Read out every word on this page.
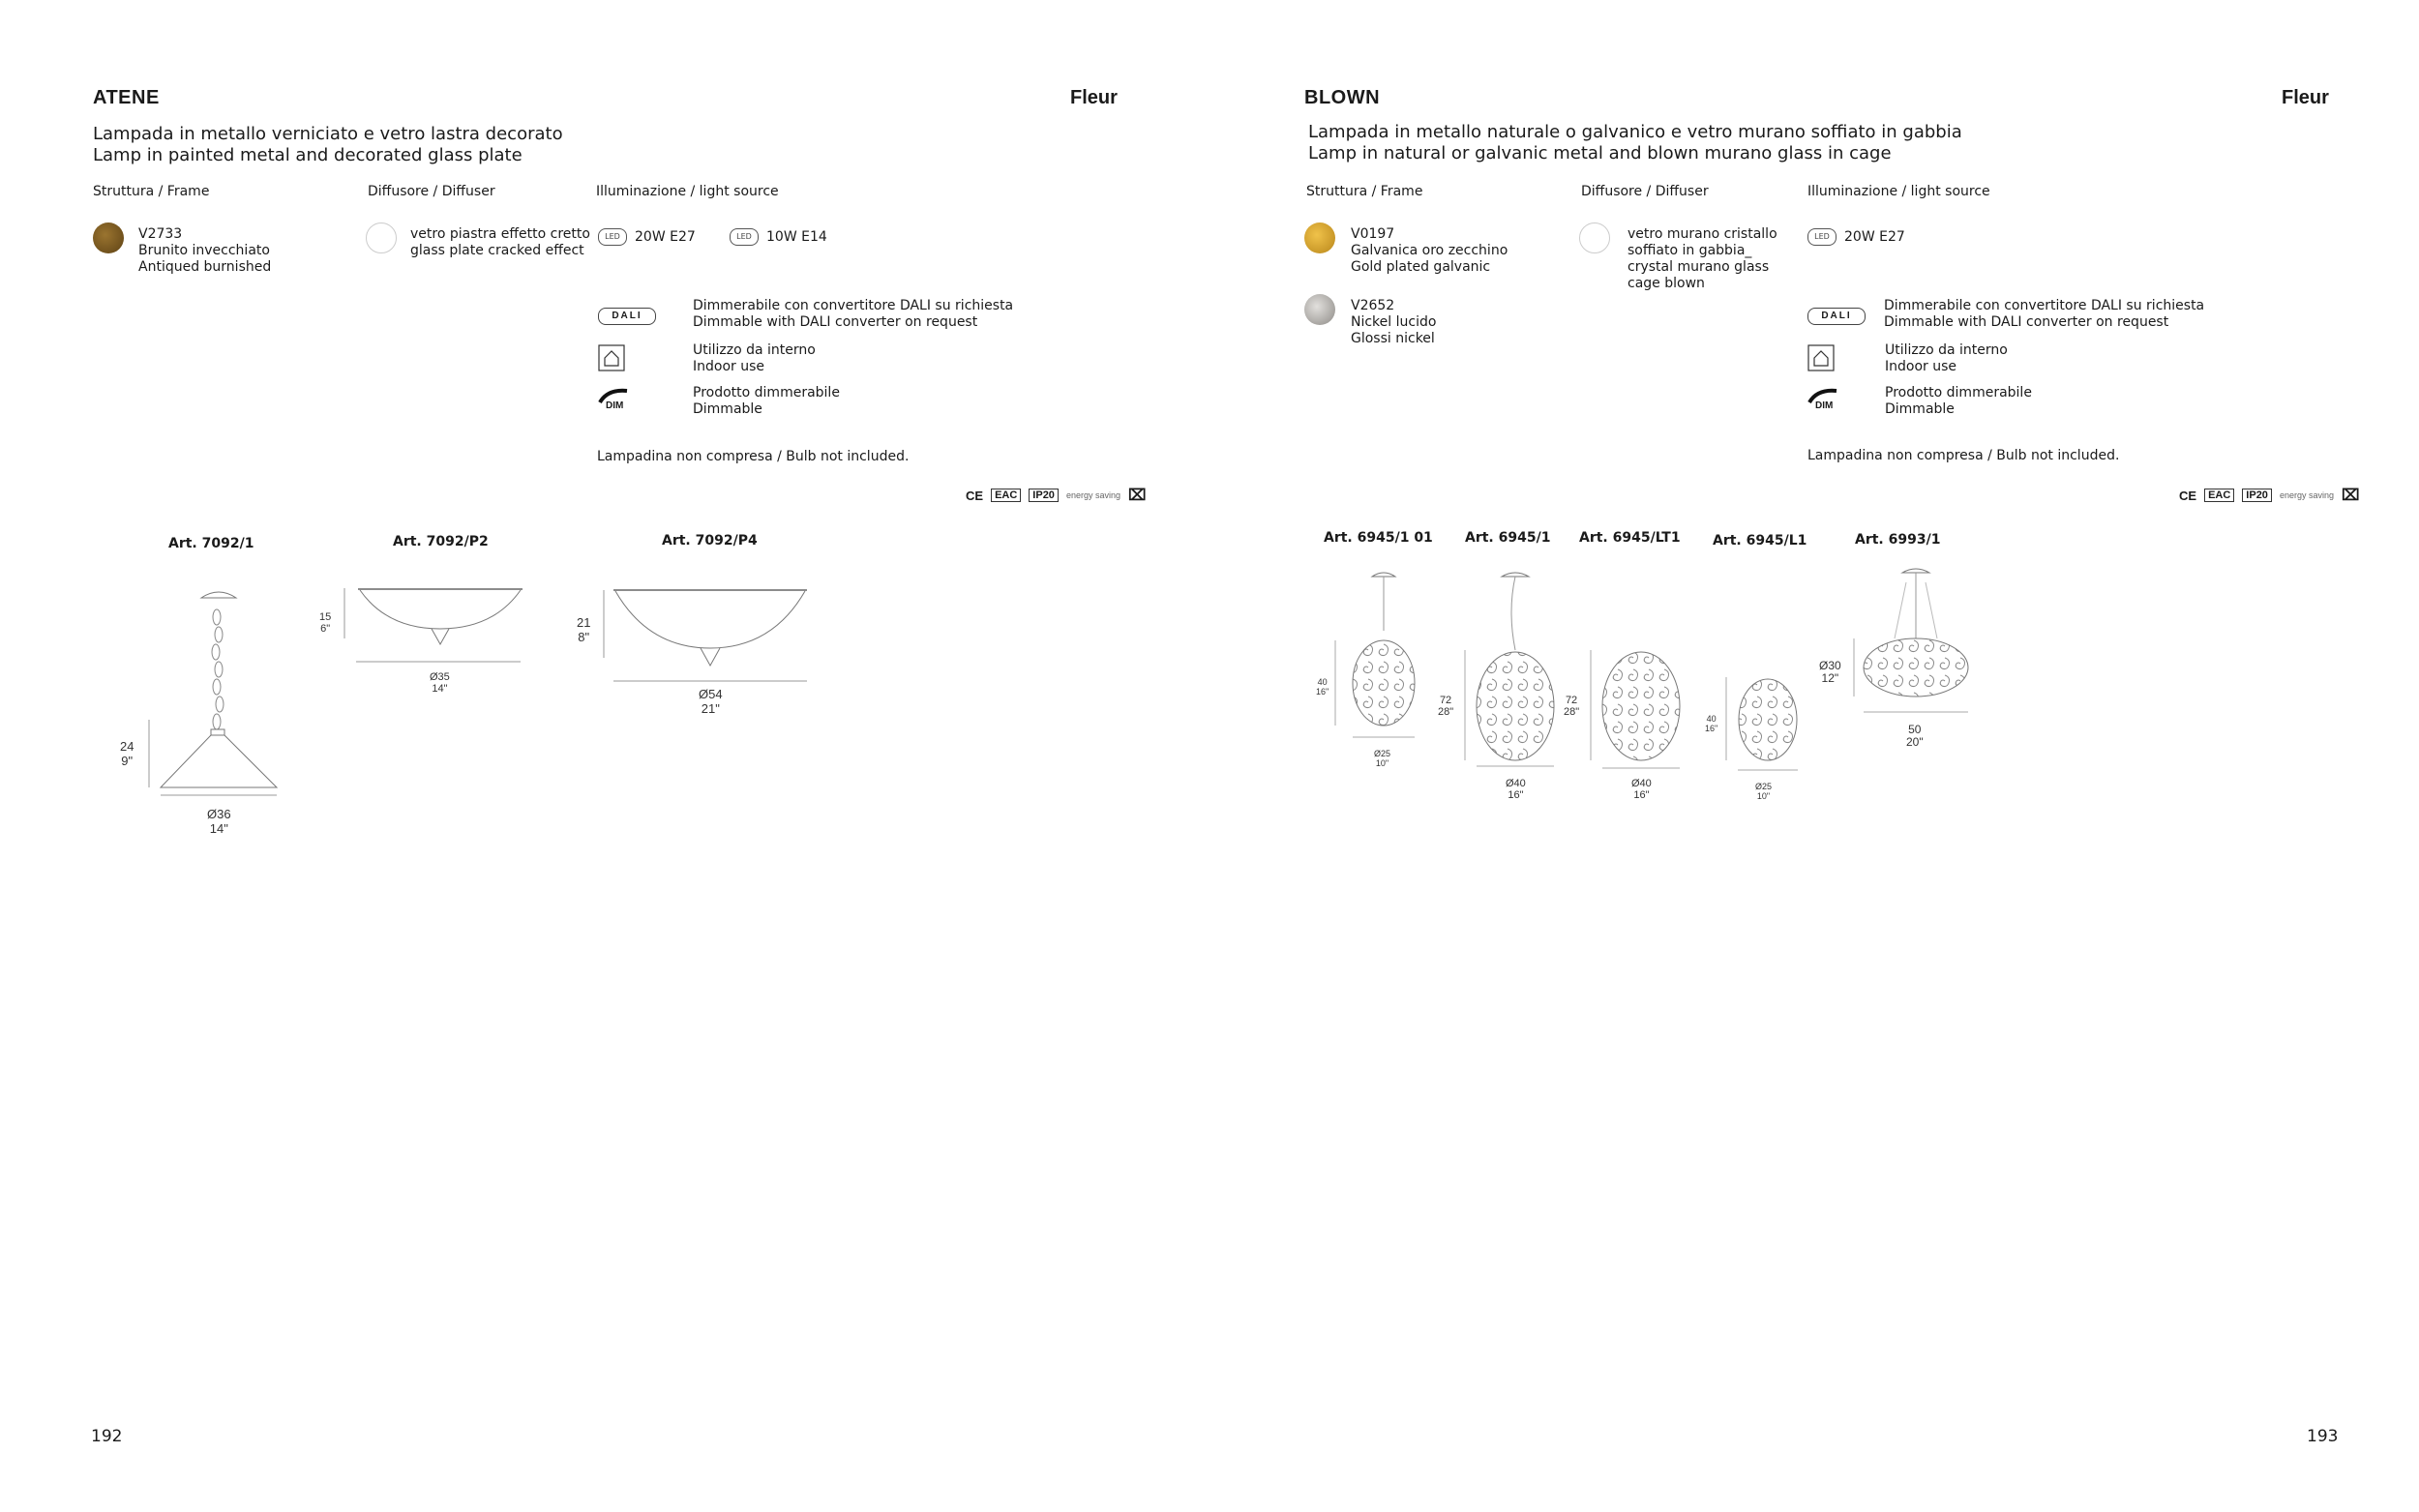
ATENE	Fleur
Lampada in metallo verniciato e vetro lastra decorato
Lamp in painted metal and decorated glass plate
Struttura / Frame	Diffusore / Diffuser	Illuminazione / light source
V2733
Brunito invecchiato
Antiqued burnished
vetro piastra effetto cretto
glass plate cracked effect
LED	20W E27	LED	10W E14
DALI
Dimmerabile con convertitore DALI su richiesta
Dimmable with DALI converter on request
Utilizzo da interno
Indoor use
DIM
Prodotto dimmerabile
Dimmable
Lampadina non compresa / Bulb not included.
CE	EAC	IP20	energy saving ⌧
Art. 7092/1	Art. 7092/P2	Art. 7092/P4
24
9"
Ø36
14"
15
6"
Ø35
14"
21
8"
Ø54
21"
192
BLOWN	Fleur
Lampada in metallo naturale o galvanico e vetro murano soffiato in gabbia
Lamp in natural or galvanic metal and blown murano glass in cage
Struttura / Frame	Diffusore / Diffuser	Illuminazione / light source
V0197
Galvanica oro zecchino
Gold plated galvanic
V2652
Nickel lucido
Glossi nickel
vetro murano cristallo
soffiato in gabbia_
crystal murano glass
cage blown
LED	20W E27
DALI
Dimmerabile con convertitore DALI su richiesta
Dimmable with DALI converter on request
Utilizzo da interno
Indoor use
DIM
Prodotto dimmerabile
Dimmable
Lampadina non compresa / Bulb not included.
CE	EAC	IP20	energy saving ⌧
Art. 6945/1 01 Art. 6945/1 Art. 6945/LT1 Art. 6945/L1	Art. 6993/1
40
16"
Ø25
10"
72
28"
Ø40
16"
72
28"
Ø40
16"
40
16"
Ø25
10"
Ø30
12"
50
20"
193
